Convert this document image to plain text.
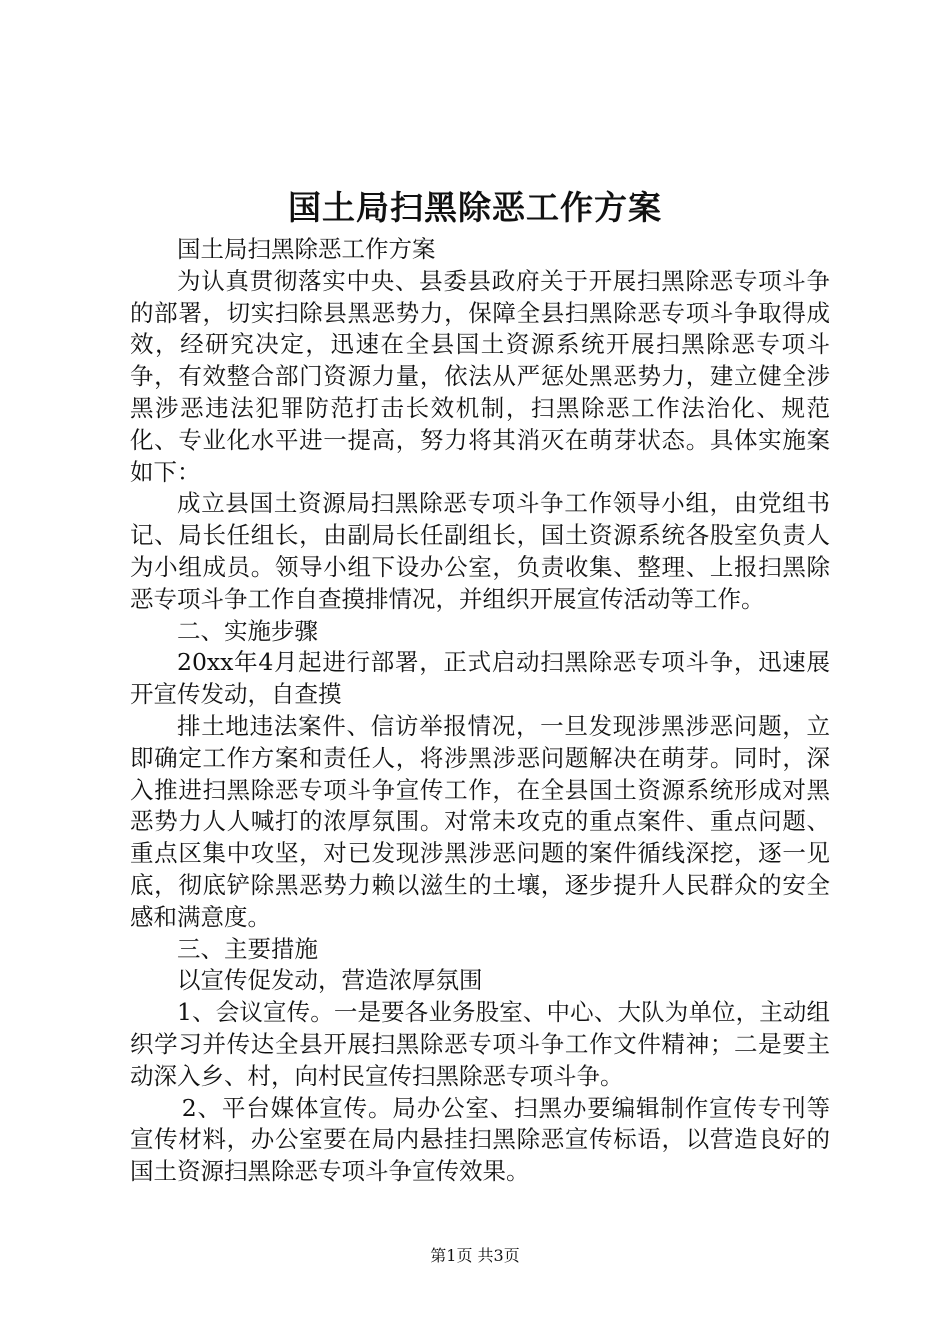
国土局扫黑除恶工作方案

国土局扫黑除恶工作方案

为认真贯彻落实中央、县委县政府关于开展扫黑除恶专项斗争的部署，切实扫除县黑恶势力，保障全县扫黑除恶专项斗争取得成效，经研究决定，迅速在全县国土资源系统开展扫黑除恶专项斗争，有效整合部门资源力量，依法从严惩处黑恶势力，建立健全涉黑涉恶违法犯罪防范打击长效机制，扫黑除恶工作法治化、规范化、专业化水平进一提高，努力将其消灭在萌芽状态。具体实施案如下：

成立县国土资源局扫黑除恶专项斗争工作领导小组，由党组书记、局长任组长，由副局长任副组长，国土资源系统各股室负责人为小组成员。领导小组下设办公室，负责收集、整理、上报扫黑除恶专项斗争工作自查摸排情况，并组织开展宣传活动等工作。

二、实施步骤

20xx年4月起进行部署，正式启动扫黑除恶专项斗争，迅速展开宣传发动，自查摸

排土地违法案件、信访举报情况，一旦发现涉黑涉恶问题，立即确定工作方案和责任人，将涉黑涉恶问题解决在萌芽。同时，深入推进扫黑除恶专项斗争宣传工作，在全县国土资源系统形成对黑恶势力人人喊打的浓厚氛围。对常未攻克的重点案件、重点问题、重点区集中攻坚，对已发现涉黑涉恶问题的案件循线深挖，逐一见底，彻底铲除黑恶势力赖以滋生的土壤，逐步提升人民群众的安全感和满意度。

三、主要措施

以宣传促发动，营造浓厚氛围

1、会议宣传。一是要各业务股室、中心、大队为单位，主动组织学习并传达全县开展扫黑除恶专项斗争工作文件精神；二是要主动深入乡、村，向村民宣传扫黑除恶专项斗争。

2、平台媒体宣传。局办公室、扫黑办要编辑制作宣传专刊等宣传材料，办公室要在局内悬挂扫黑除恶宣传标语，以营造良好的国土资源扫黑除恶专项斗争宣传效果。

第1页 共3页
